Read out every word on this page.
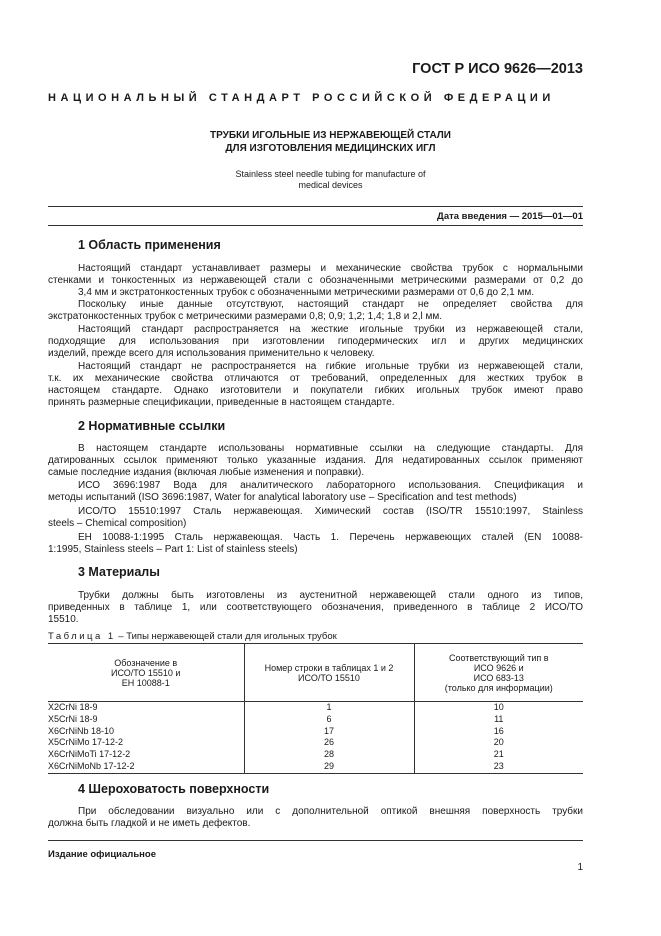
ГОСТ Р ИСО 9626—2013
НАЦИОНАЛЬНЫЙ СТАНДАРТ РОССИЙСКОЙ ФЕДЕРАЦИИ
ТРУБКИ ИГОЛЬНЫЕ ИЗ НЕРЖАВЕЮЩЕЙ СТАЛИ
ДЛЯ ИЗГОТОВЛЕНИЯ МЕДИЦИНСКИХ ИГЛ
Stainless steel needle tubing for manufacture of
medical devices
Дата введения — 2015—01—01
1 Область применения
Настоящий стандарт устанавливает размеры и механические свойства трубок с нормальными
стенками и тонкостенных из нержавеющей стали с обозначенными метрическими размерами от 0,2 до
3,4 мм и экстратонкостенных трубок с обозначенными метрическими размерами от 0,6 до 2,1 мм.
Поскольку иные данные отсутствуют, настоящий стандарт не определяет свойства для
экстратонкостенных трубок с метрическими размерами 0,8; 0,9; 1,2; 1,4; 1,8 и 2,l мм.
Настоящий стандарт распространяется на жесткие игольные трубки из нержавеющей стали,
подходящие для использования при изготовлении гиподермических игл и других медицинских
изделий, прежде всего для использования применительно к человеку.
Настоящий стандарт не распространяется на гибкие игольные трубки из нержавеющей стали,
т.к. их механические свойства отличаются от требований, определенных для жестких трубок в
настоящем стандарте. Однако изготовители и покупатели гибких игольных трубок имеют право
принять размерные спецификации, приведенные в настоящем стандарте.
2 Нормативные ссылки
В настоящем стандарте использованы нормативные ссылки на следующие стандарты. Для
датированных ссылок применяют только указанные издания. Для недатированных ссылок применяют
самые последние издания (включая любые изменения и поправки).
ИСО 3696:1987 Вода для аналитического лабораторного использования. Спецификация и
методы испытаний (ISO 3696:1987, Water for analytical laboratory use – Specification and test methods)
ИСО/ТО 15510:1997 Сталь нержавеющая. Химический состав (ISO/TR 15510:1997, Stainless
steels – Chemical composition)
ЕН 10088-1:1995 Сталь нержавеющая. Часть 1. Перечень нержавеющих сталей (EN 10088-
1:1995, Stainless steels – Part 1: List of stainless steels)
3 Материалы
Трубки должны быть изготовлены из аустенитной нержавеющей стали одного из типов,
приведенных в таблице 1, или соответствующего обозначения, приведенного в таблице 2 ИСО/ТО
15510.
Таблица 1 – Типы нержавеющей стали для игольных трубок
Обозначение в
ИСО/ТО 15510 и
ЕН 10088-1	Номер строки в таблицах 1 и 2
ИСО/ТО 15510	Соответствующий тип в
ИСО 9626 и
ИСО 683-13
(только для информации)
X2CrNi 18-9	1	10
X5CrNi 18-9	6	11
X6CrNiNb 18-10	17	16
X5CrNiMo 17-12-2	26	20
X6CrNiMoTi 17-12-2	28	21
X6CrNiMoNb 17-12-2	29	23
4 Шероховатость поверхности
При обследовании визуально или с дополнительной оптикой внешняя поверхность трубки
должна быть гладкой и не иметь дефектов.
Издание официальное
1
